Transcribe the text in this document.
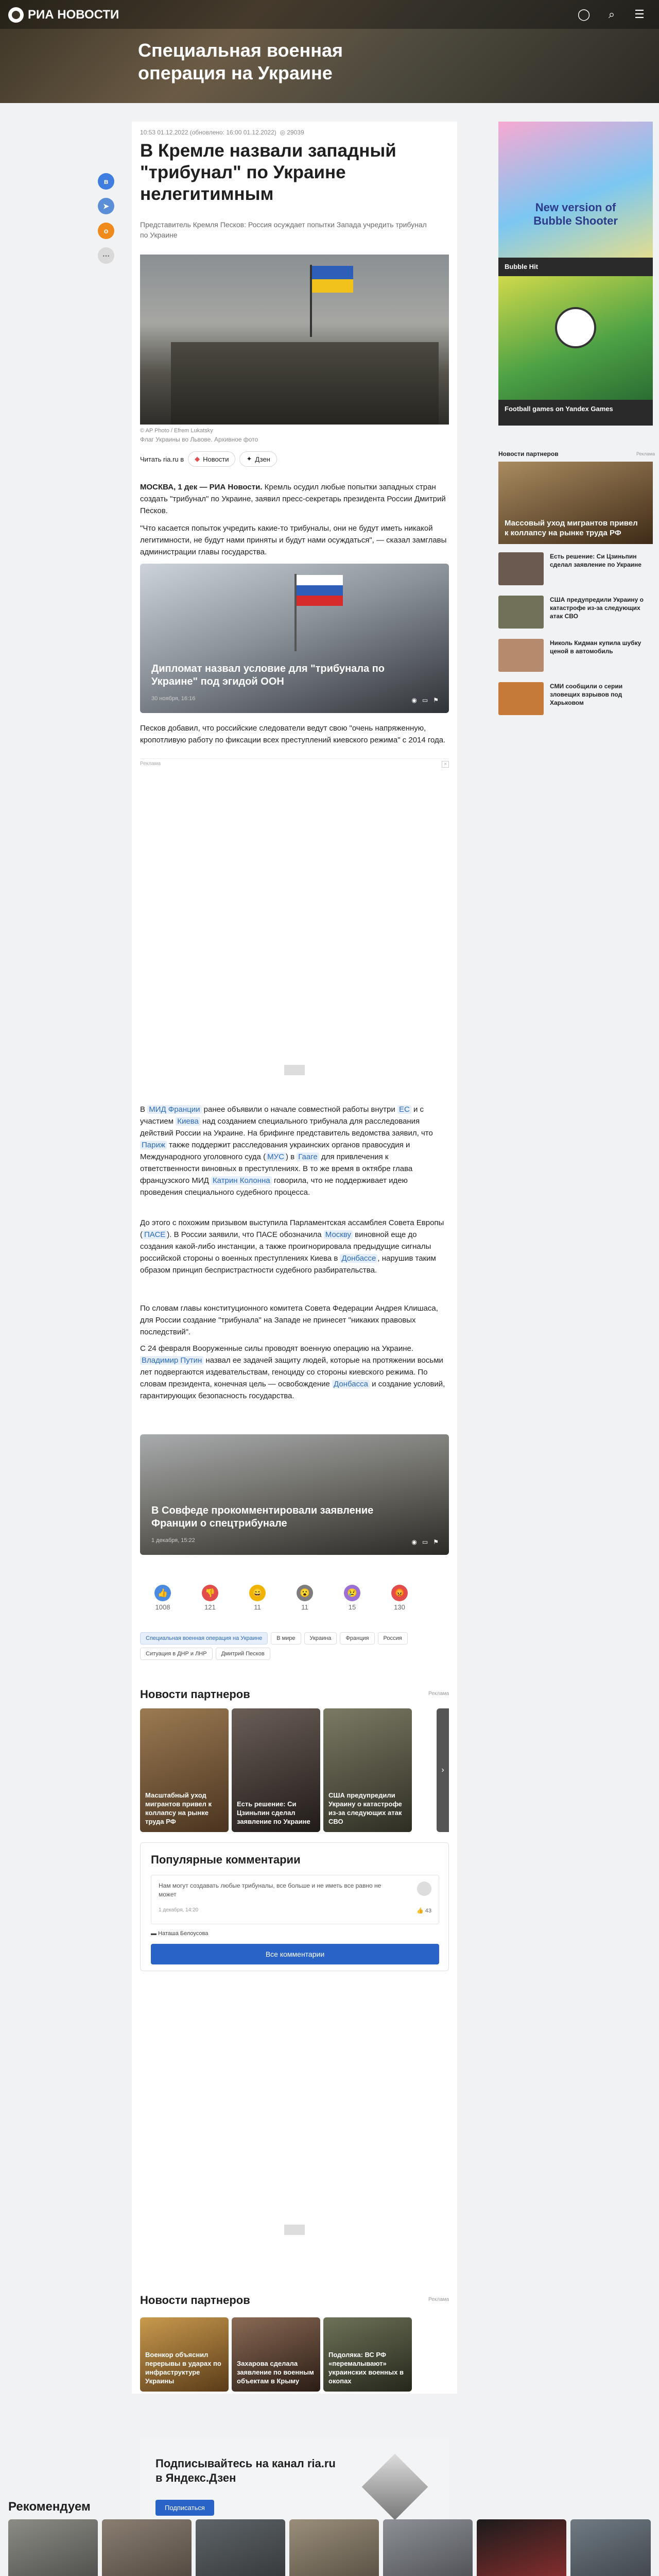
РИА НОВОСТИ
Специальная военная операция на Украине
◯	⌕	☰
в
➤
о
⋯
10:53 01.12.2022 (обновлено: 16:00 01.12.2022) ◎ 29039
В Кремле назвали западный "трибунал" по Украине нелегитимным
Представитель Кремля Песков: Россия осуждает попытки Запада учредить трибунал по Украине
© AP Photo / Efrem Lukatsky
Флаг Украины во Львове. Архивное фото
Читать ria.ru в ◆ Новости	✦ Дзен
МОСКВА, 1 дек — РИА Новости. Кремль осудил любые попытки западных стран создать "трибунал" по Украине, заявил пресс-секретарь президента России Дмитрий Песков.
"Что касается попыток учредить какие-то трибуналы, они не будут иметь никакой легитимности, не будут нами приняты и будут нами осуждаться", — сказал замглавы администрации главы государства.
Дипломат назвал условие для "трибунала по Украине" под эгидой ООН
30 ноября, 16:16	◉ ▭ ⚑
Песков добавил, что российские следователи ведут свою "очень напряженную, кропотливую работу по фиксации всех преступлений киевского режима" с 2014 года.
Реклама	×
В МИД Франции ранее объявили о начале совместной работы внутри ЕС и с участием Киева над созданием специального трибунала для расследования действий России на Украине. На брифинге представитель ведомства заявил, что Париж также поддержит расследования украинских органов правосудия и Международного уголовного суда ( МУС ) в Гааге для привлечения к ответственности виновных в преступлениях. В то же время в октябре глава французского МИД Катрин Колонна говорила, что не поддерживает идею проведения специального судебного процесса.
До этого с похожим призывом выступила Парламентская ассамблея Совета Европы ( ПАСЕ ). В России заявили, что ПАСЕ обозначила Москву виновной еще до создания какой-либо инстанции, а также проигнорировала предыдущие сигналы российской стороны о военных преступлениях Киева в Донбассе , нарушив таким образом принцип беспристрастности судебного разбирательства.
По словам главы конституционного комитета Совета Федерации Андрея Клишаса, для России создание "трибунала" на Западе не принесет "никаких правовых последствий".
С 24 февраля Вооруженные силы проводят военную операцию на Украине. Владимир Путин назвал ее задачей защиту людей, которые на протяжении восьми лет подвергаются издевательствам, геноциду со стороны киевского режима. По словам президента, конечная цель — освобождение Донбасса и создание условий, гарантирующих безопасность государства.
В Совфеде прокомментировали заявление Франции о спецтрибунале
1 декабря, 15:22	◉ ▭ ⚑
👍
1008
👎
121
😄
11
😮
11
😢
15
😡
130
Специальная военная операция на Украине	В мире	Украина	Франция	РоссияСитуация в ДНР и ЛНР	Дмитрий Песков
Новости партнеров	Реклама
Масштабный уход мигрантов привел к коллапсу на рынке труда РФ
Есть решение: Си Цзиньпин сделал заявление по Украине
США предупредили Украину о катастрофе из-за следующих атак СВО
›
Популярные комментарии
Нам могут создавать любые трибуналы, все больше и не иметь все равно не может
1 декабря, 14:20	👍 43
▬ Наташа Белоусова
Все комментарии
Новости партнеров	Реклама
Военкор объяснил перерывы в ударах по инфраструктуре Украины
Захарова сделала заявление по военным объектам в Крыму
Подоляка: ВС РФ «перемалывают» украинских военных в окопах
Подписывайтесь на канал ria.ru в Яндекс.Дзен
Подписаться
New version of Bubble Shooter
Bubble Hit
Football games on Yandex Games
Новости партнеров	Реклама
Массовый уход мигрантов привел к коллапсу на рынке труда РФ
Есть решение: Си Цзиньпин сделал заявление по Украине
США предупредили Украину о катастрофе из-за следующих атак СВО
Николь Кидман купила шубку ценой в автомобиль
СМИ сообщили о серии зловещих взрывов под Харьковом
Рекомендуем
